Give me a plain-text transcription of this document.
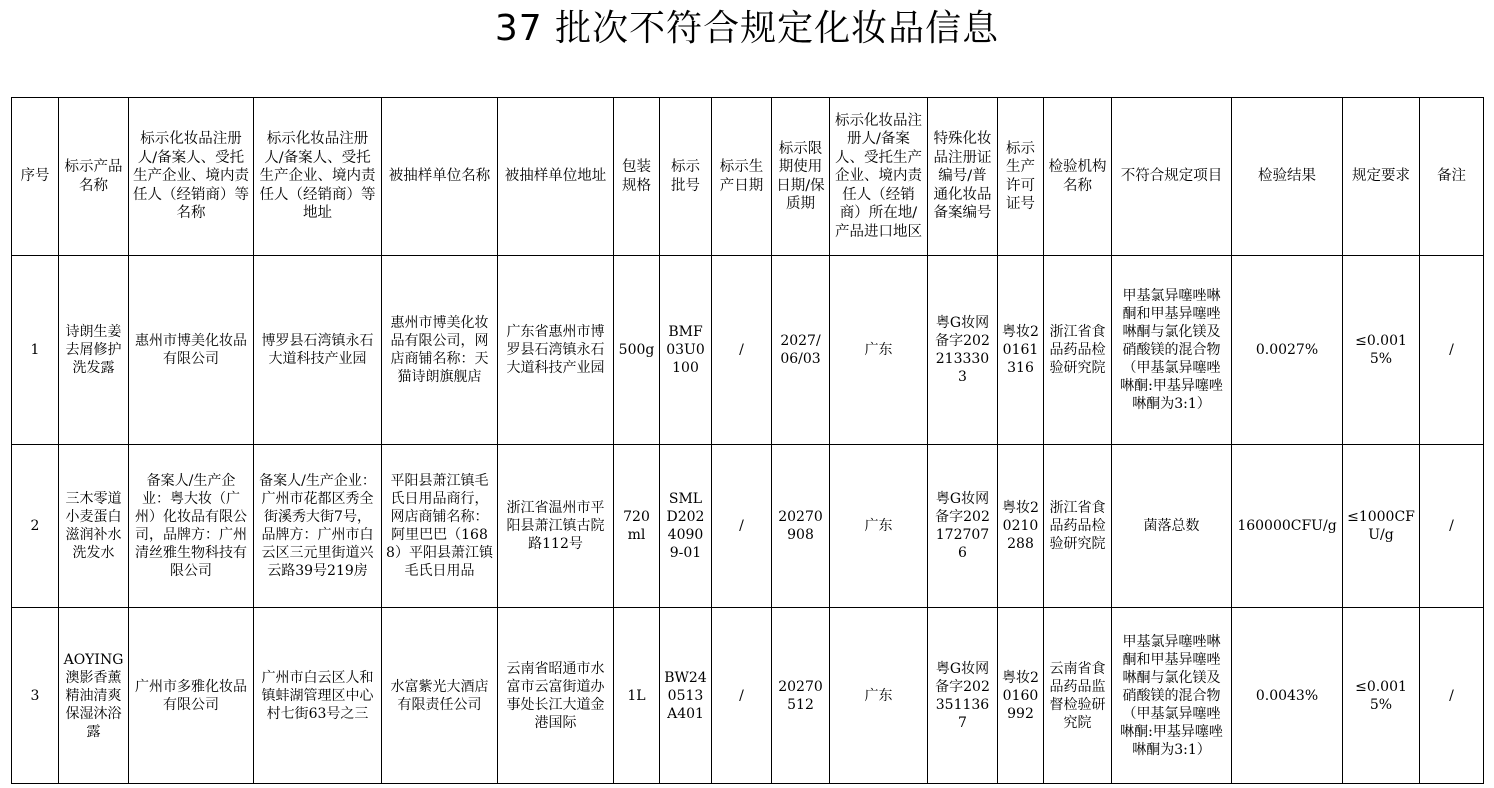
37 批次不符合规定化妆品信息
序号	标示产品名称	标示化妆品注册人/备案人、受托生产企业、境内责任人（经销商）等名称	标示化妆品注册人/备案人、受托生产企业、境内责任人（经销商）等地址	被抽样单位名称	被抽样单位地址	包装规格	标示批号	标示生产日期	标示限期使用日期/保质期	标示化妆品注册人/备案人、受托生产企业、境内责任人（经销商）所在地/产品进口地区	特殊化妆品注册证编号/普通化妆品备案编号	标示生产许可证号	检验机构名称	不符合规定项目	检验结果	规定要求	备注
1	诗朗生姜去屑修护洗发露	惠州市博美化妆品有限公司	博罗县石湾镇永石大道科技产业园	惠州市博美化妆品有限公司，网店商铺名称：天猫诗朗旗舰店	广东省惠州市博罗县石湾镇永石大道科技产业园	500g	BMF03U0100	/	2027/06/03	广东	粤G妆网备字2022133303	粤妆20161316	浙江省食品药品检验研究院	甲基氯异噻唑啉酮和甲基异噻唑啉酮与氯化镁及硝酸镁的混合物（甲基氯异噻唑啉酮:甲基异噻唑啉酮为3:1）	0.0027%	≤0.0015%	/
2	三木零道小麦蛋白滋润补水洗发水	备案人/生产企业：粤大妆（广州）化妆品有限公司，品牌方：广州清丝雅生物科技有限公司	备案人/生产企业：广州市花都区秀全街溪秀大街7号，品牌方：广州市白云区三元里街道兴云路39号219房	平阳县萧江镇毛氏日用品商行，网店商铺名称：阿里巴巴（1688）平阳县萧江镇毛氏日用品	浙江省温州市平阳县萧江镇古院路112号	720ml	SMLD2024090 9-01	/	20270908	广东	粤G妆网备字2021727076	粤妆20210288	浙江省食品药品检验研究院	菌落总数	160000CFU/g	≤1000CFU/g	/
3	AOYING澳影香薰精油清爽保湿沐浴露	广州市多雅化妆品有限公司	广州市白云区人和镇蚌湖管理区中心村七街63号之三	水富紫光大酒店有限责任公司	云南省昭通市水富市云富街道办事处长江大道金港国际	1L	BW240513A401	/	20270512	广东	粤G妆网备字2023511367	粤妆20160992	云南省食品药品监督检验研究院	甲基氯异噻唑啉酮和甲基异噻唑啉酮与氯化镁及硝酸镁的混合物（甲基氯异噻唑啉酮:甲基异噻唑啉酮为3:1）	0.0043%	≤0.0015%	/
